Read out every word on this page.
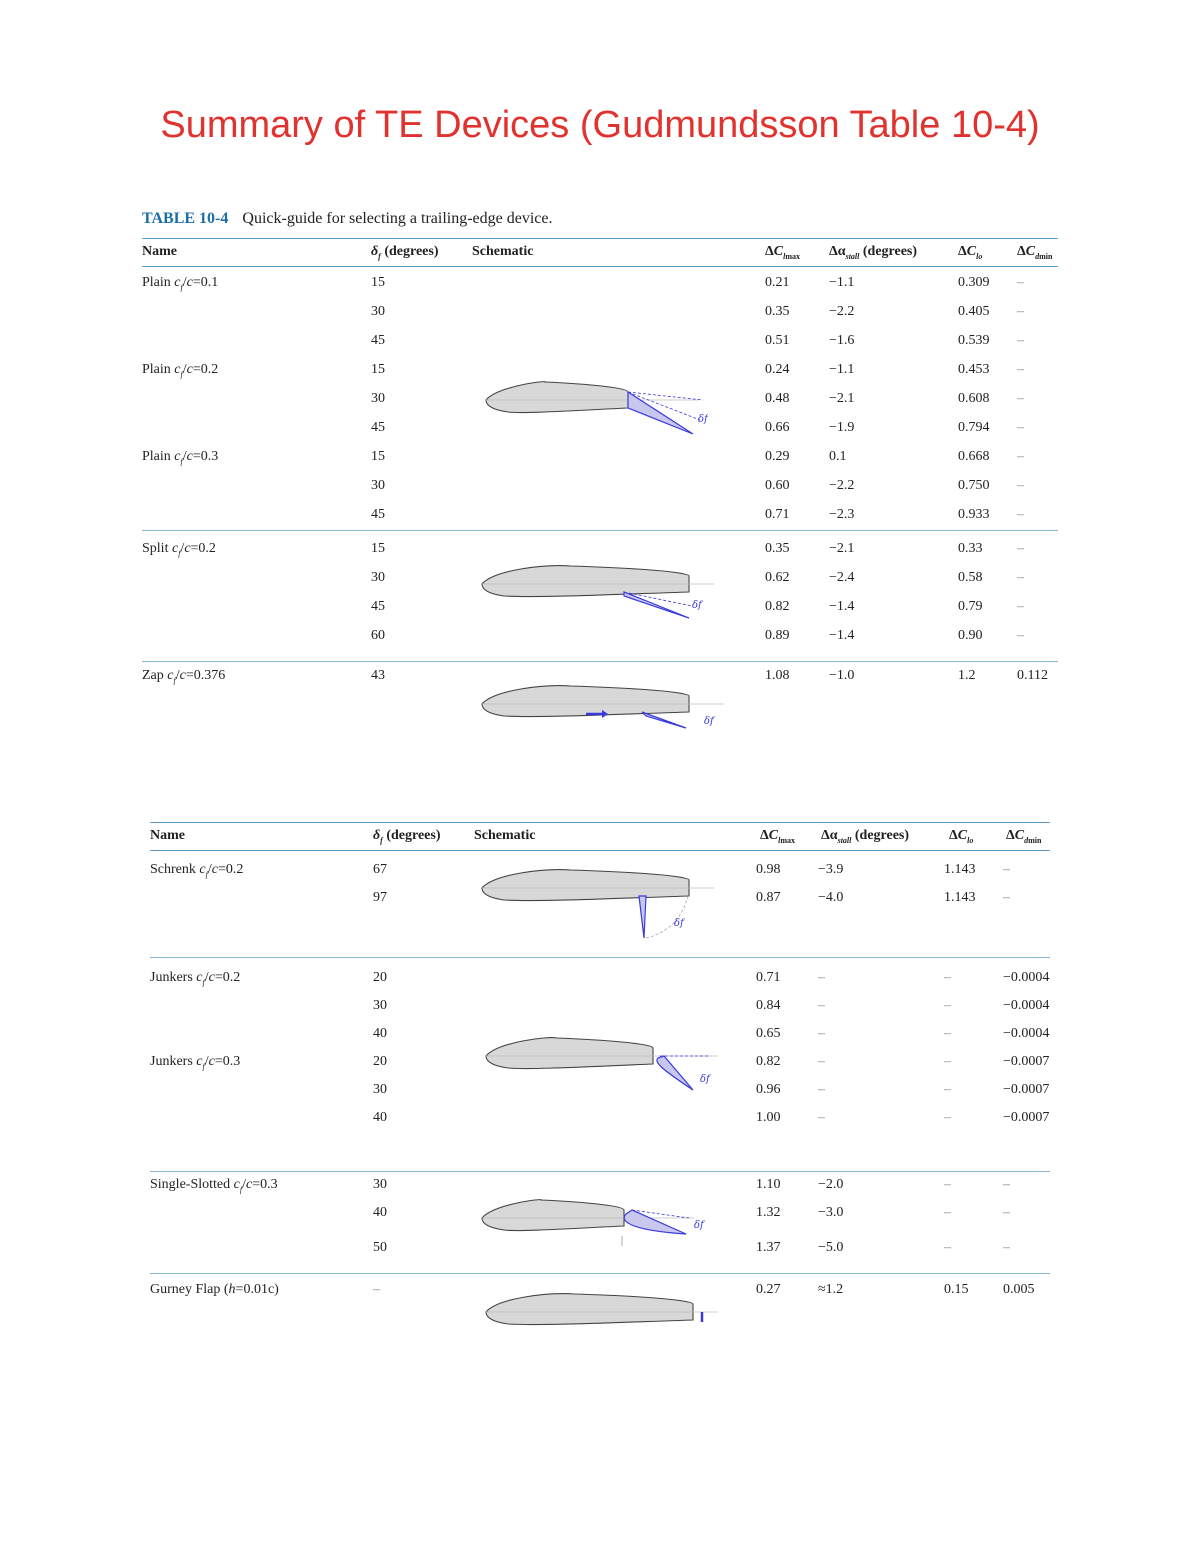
Summary of TE Devices (Gudmundsson Table 10-4)
TABLE 10-4 Quick-guide for selecting a trailing-edge device.
Name	$\delta_f$ (degrees) Schematic	$\Delta C_{lmax}$ $\Delta\alpha_{stall}$ (degrees)	$\Delta C_{lo}$ $\Delta C_{dmin}$
Name	$\delta_f$ (degrees) Schematic	$\Delta C_{lmax}$ $\Delta\alpha_{stall}$ (degrees)	$\Delta C_{lo}$ $\Delta C_{dmin}$
Plain $c_f/c=0.1$	15	0.21	−1.1	0.309 –
30	0.35	−2.2	0.405 –
45	0.51	−1.6	0.539 –
Plain $c_f/c=0.2$	15	0.24	−1.1	0.453 –
30	0.48	−2.1	0.608 –
45	0.66	−1.9	0.794 –
Plain $c_f/c=0.3$	15	0.29	0.1	0.668 –
30	0.60	−2.2	0.750 –
45	0.71	−2.3	0.933 –
Split $c_f/c=0.2$	15	0.35	−2.1	0.33 –
30	0.62	−2.4	0.58 –
45	0.82	−1.4	0.79 –
60	0.89	−1.4	0.90 –
Zap $c_f/c=0.376$	43	1.08	−1.0	1.2	0.112
Schrenk $c_f/c=0.2$	67	0.98	−3.9	1.143 –
97	0.87	−4.0	1.143 –
Junkers $c_f/c=0.2$	20	0.71	–	–	−0.0004
30	0.84	–	–	−0.0004
40	0.65	–	–	−0.0004
Junkers $c_f/c=0.3$	20	0.82	–	–	−0.0007
30	0.96	–	–	−0.0007
40	1.00	–	–	−0.0007
Single-Slotted $c_f/c=0.3$	30	1.10	−2.0	–	–
40	1.32	−3.0	–	–
50	1.37	−5.0	–	–
Gurney Flap (h=0.01c)	–	0.27	≈1.2	0.15 0.005
δf
δf
δf
δf
δf
δf
